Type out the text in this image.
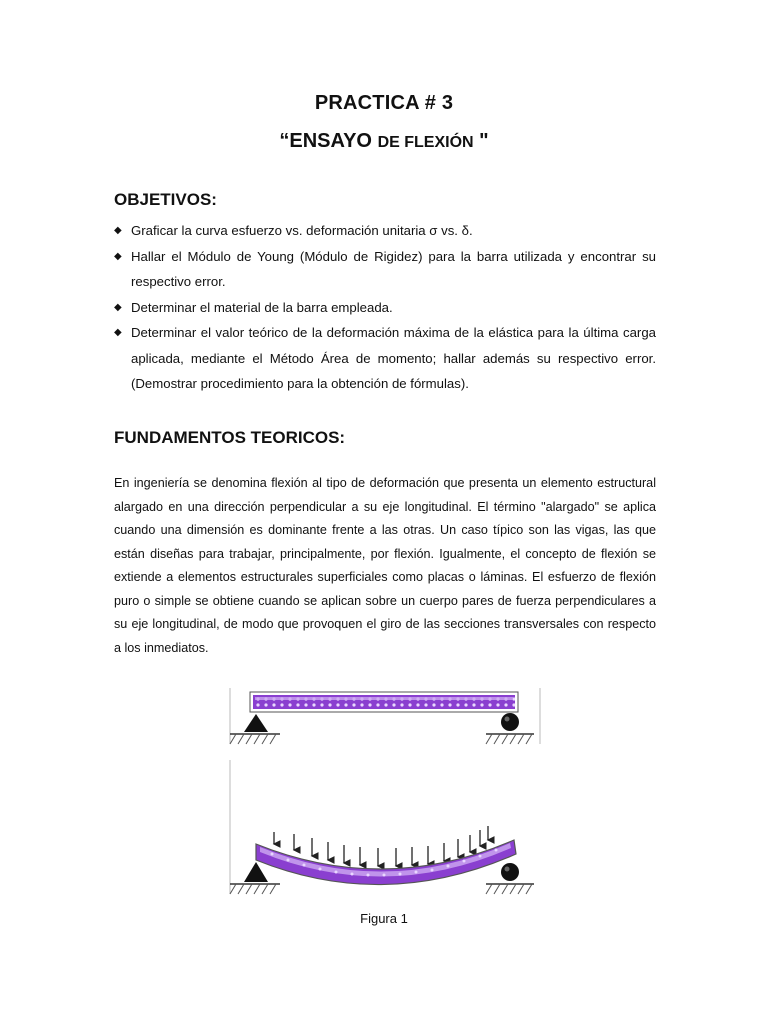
PRACTICA # 3
“ENSAYO DE FLEXIÓN "
OBJETIVOS:
◆ Graficar la curva esfuerzo vs. deformación unitaria σ vs. δ.
◆ Hallar el Módulo de Young (Módulo de Rigidez) para la barra utilizada y encontrar su respectivo error.
◆ Determinar el material de la barra empleada.
◆ Determinar el valor teórico de la deformación máxima de la elástica para la última carga aplicada, mediante el Método Área de momento; hallar además su respectivo error. (Demostrar procedimiento para la obtención de fórmulas).
FUNDAMENTOS TEORICOS:
En ingeniería se denomina flexión al tipo de deformación que presenta un elemento estructural alargado en una dirección perpendicular a su eje longitudinal. El término "alargado" se aplica cuando una dimensión es dominante frente a las otras. Un caso típico son las vigas, las que están diseñas para trabajar, principalmente, por flexión. Igualmente, el concepto de flexión se extiende a elementos estructurales superficiales como placas o láminas. El esfuerzo de flexión puro o simple se obtiene cuando se aplican sobre un cuerpo pares de fuerza perpendiculares a su eje longitudinal, de modo que provoquen el giro de las secciones transversales con respecto a los inmediatos.
Figura 1
